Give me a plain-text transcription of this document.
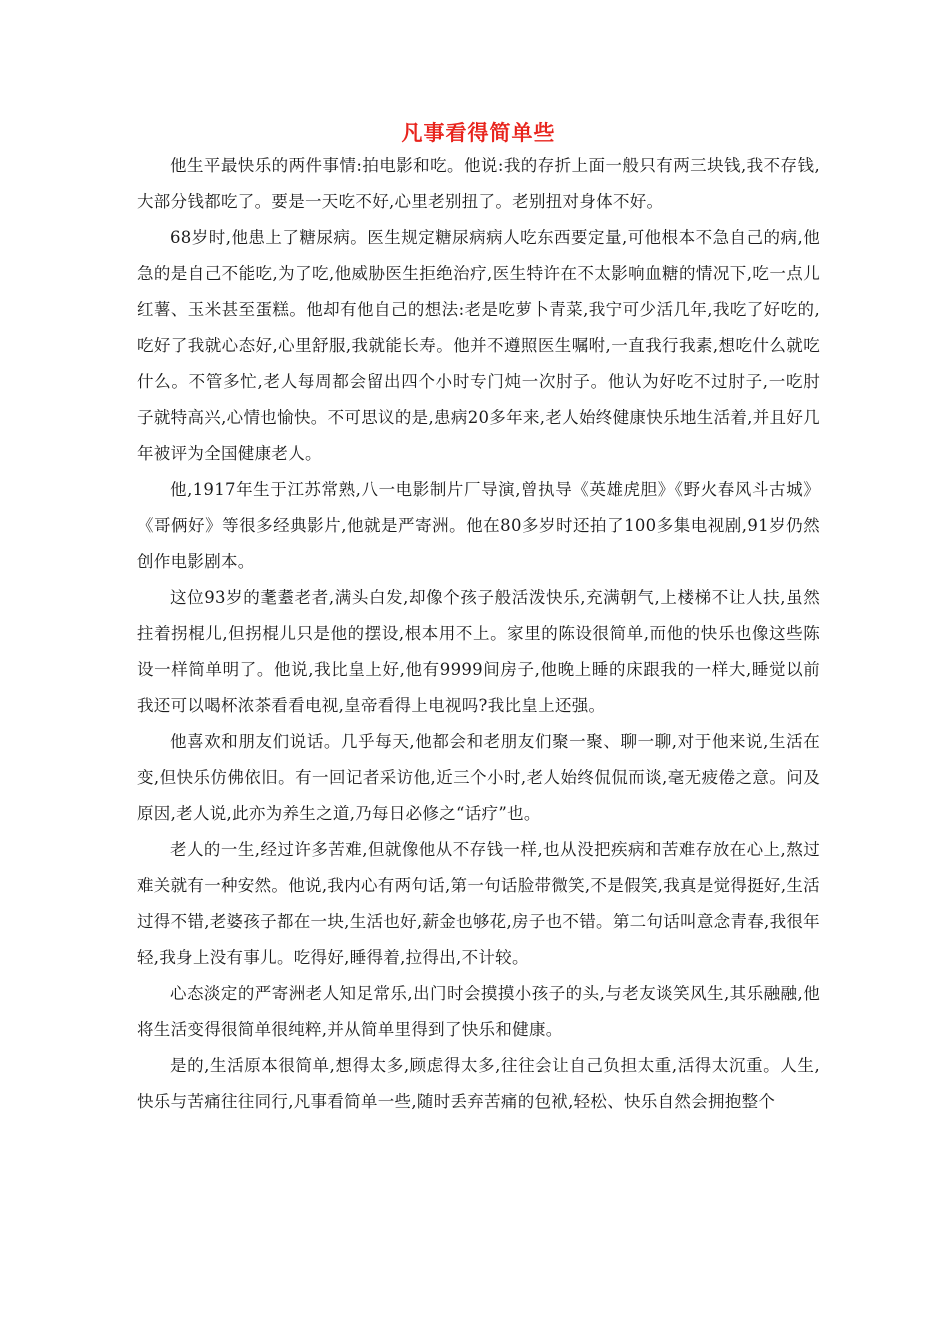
凡事看得简单些

他生平最快乐的两件事情:拍电影和吃。他说:我的存折上面一般只有两三块钱,我不存钱,大部分钱都吃了。要是一天吃不好,心里老别扭了。老别扭对身体不好。

68岁时,他患上了糖尿病。医生规定糖尿病病人吃东西要定量,可他根本不急自己的病,他急的是自己不能吃,为了吃,他威胁医生拒绝治疗,医生特许在不太影响血糖的情况下,吃一点儿红薯、玉米甚至蛋糕。他却有他自己的想法:老是吃萝卜青菜,我宁可少活几年,我吃了好吃的,吃好了我就心态好,心里舒服,我就能长寿。他并不遵照医生嘱咐,一直我行我素,想吃什么就吃什么。不管多忙,老人每周都会留出四个小时专门炖一次肘子。他认为好吃不过肘子,一吃肘子就特高兴,心情也愉快。不可思议的是,患病20多年来,老人始终健康快乐地生活着,并且好几年被评为全国健康老人。

他,1917年生于江苏常熟,八一电影制片厂导演,曾执导《英雄虎胆》《野火春风斗古城》《哥俩好》等很多经典影片,他就是严寄洲。他在80多岁时还拍了100多集电视剧,91岁仍然创作电影剧本。

这位93岁的耄耋老者,满头白发,却像个孩子般活泼快乐,充满朝气,上楼梯不让人扶,虽然拄着拐棍儿,但拐棍儿只是他的摆设,根本用不上。家里的陈设很简单,而他的快乐也像这些陈设一样简单明了。他说,我比皇上好,他有9999间房子,他晚上睡的床跟我的一样大,睡觉以前我还可以喝杯浓茶看看电视,皇帝看得上电视吗?我比皇上还强。

他喜欢和朋友们说话。几乎每天,他都会和老朋友们聚一聚、聊一聊,对于他来说,生活在变,但快乐仿佛依旧。有一回记者采访他,近三个小时,老人始终侃侃而谈,毫无疲倦之意。问及原因,老人说,此亦为养生之道,乃每日必修之“话疗”也。

老人的一生,经过许多苦难,但就像他从不存钱一样,也从没把疾病和苦难存放在心上,熬过难关就有一种安然。他说,我内心有两句话,第一句话脸带微笑,不是假笑,我真是觉得挺好,生活过得不错,老婆孩子都在一块,生活也好,薪金也够花,房子也不错。第二句话叫意念青春,我很年轻,我身上没有事儿。吃得好,睡得着,拉得出,不计较。

心态淡定的严寄洲老人知足常乐,出门时会摸摸小孩子的头,与老友谈笑风生,其乐融融,他将生活变得很简单很纯粹,并从简单里得到了快乐和健康。

是的,生活原本很简单,想得太多,顾虑得太多,往往会让自己负担太重,活得太沉重。人生,快乐与苦痛往往同行,凡事看简单一些,随时丢弃苦痛的包袱,轻松、快乐自然会拥抱整个
